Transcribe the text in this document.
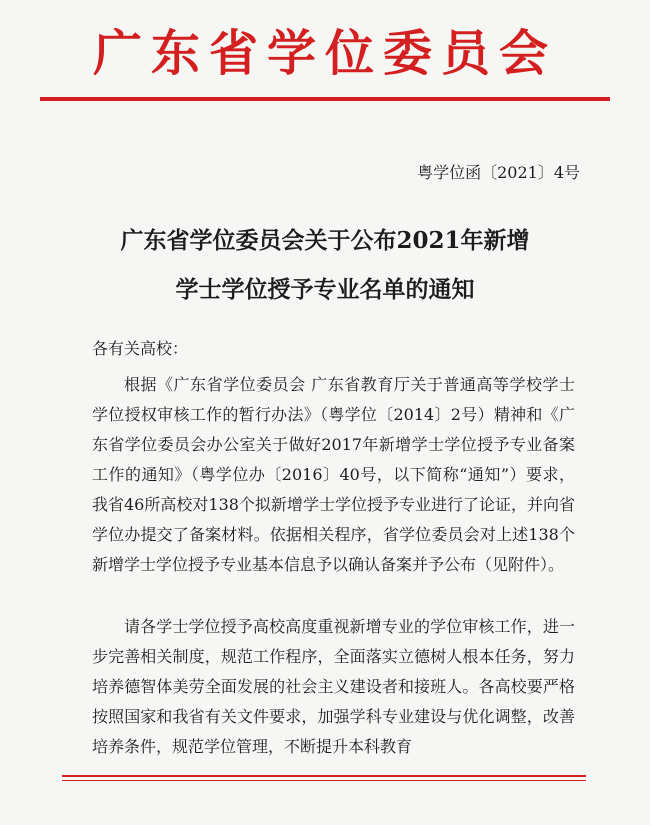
广东省学位委员会
粤学位函〔2021〕4号
广东省学位委员会关于公布2021年新增
学士学位授予专业名单的通知
各有关高校：

根据《广东省学位委员会 广东省教育厅关于普通高等学校学士学位授权审核工作的暂行办法》（粤学位〔2014〕2号）精神和《广东省学位委员会办公室关于做好2017年新增学士学位授予专业备案工作的通知》（粤学位办〔2016〕40号，以下简称“通知”）要求，我省46所高校对138个拟新增学士学位授予专业进行了论证，并向省学位办提交了备案材料。依据相关程序，省学位委员会对上述138个新增学士学位授予专业基本信息予以确认备案并予公布（见附件）。

请各学士学位授予高校高度重视新增专业的学位审核工作，进一步完善相关制度，规范工作程序，全面落实立德树人根本任务，努力培养德智体美劳全面发展的社会主义建设者和接班人。各高校要严格按照国家和我省有关文件要求，加强学科专业建设与优化调整，改善培养条件，规范学位管理，不断提升本科教育
